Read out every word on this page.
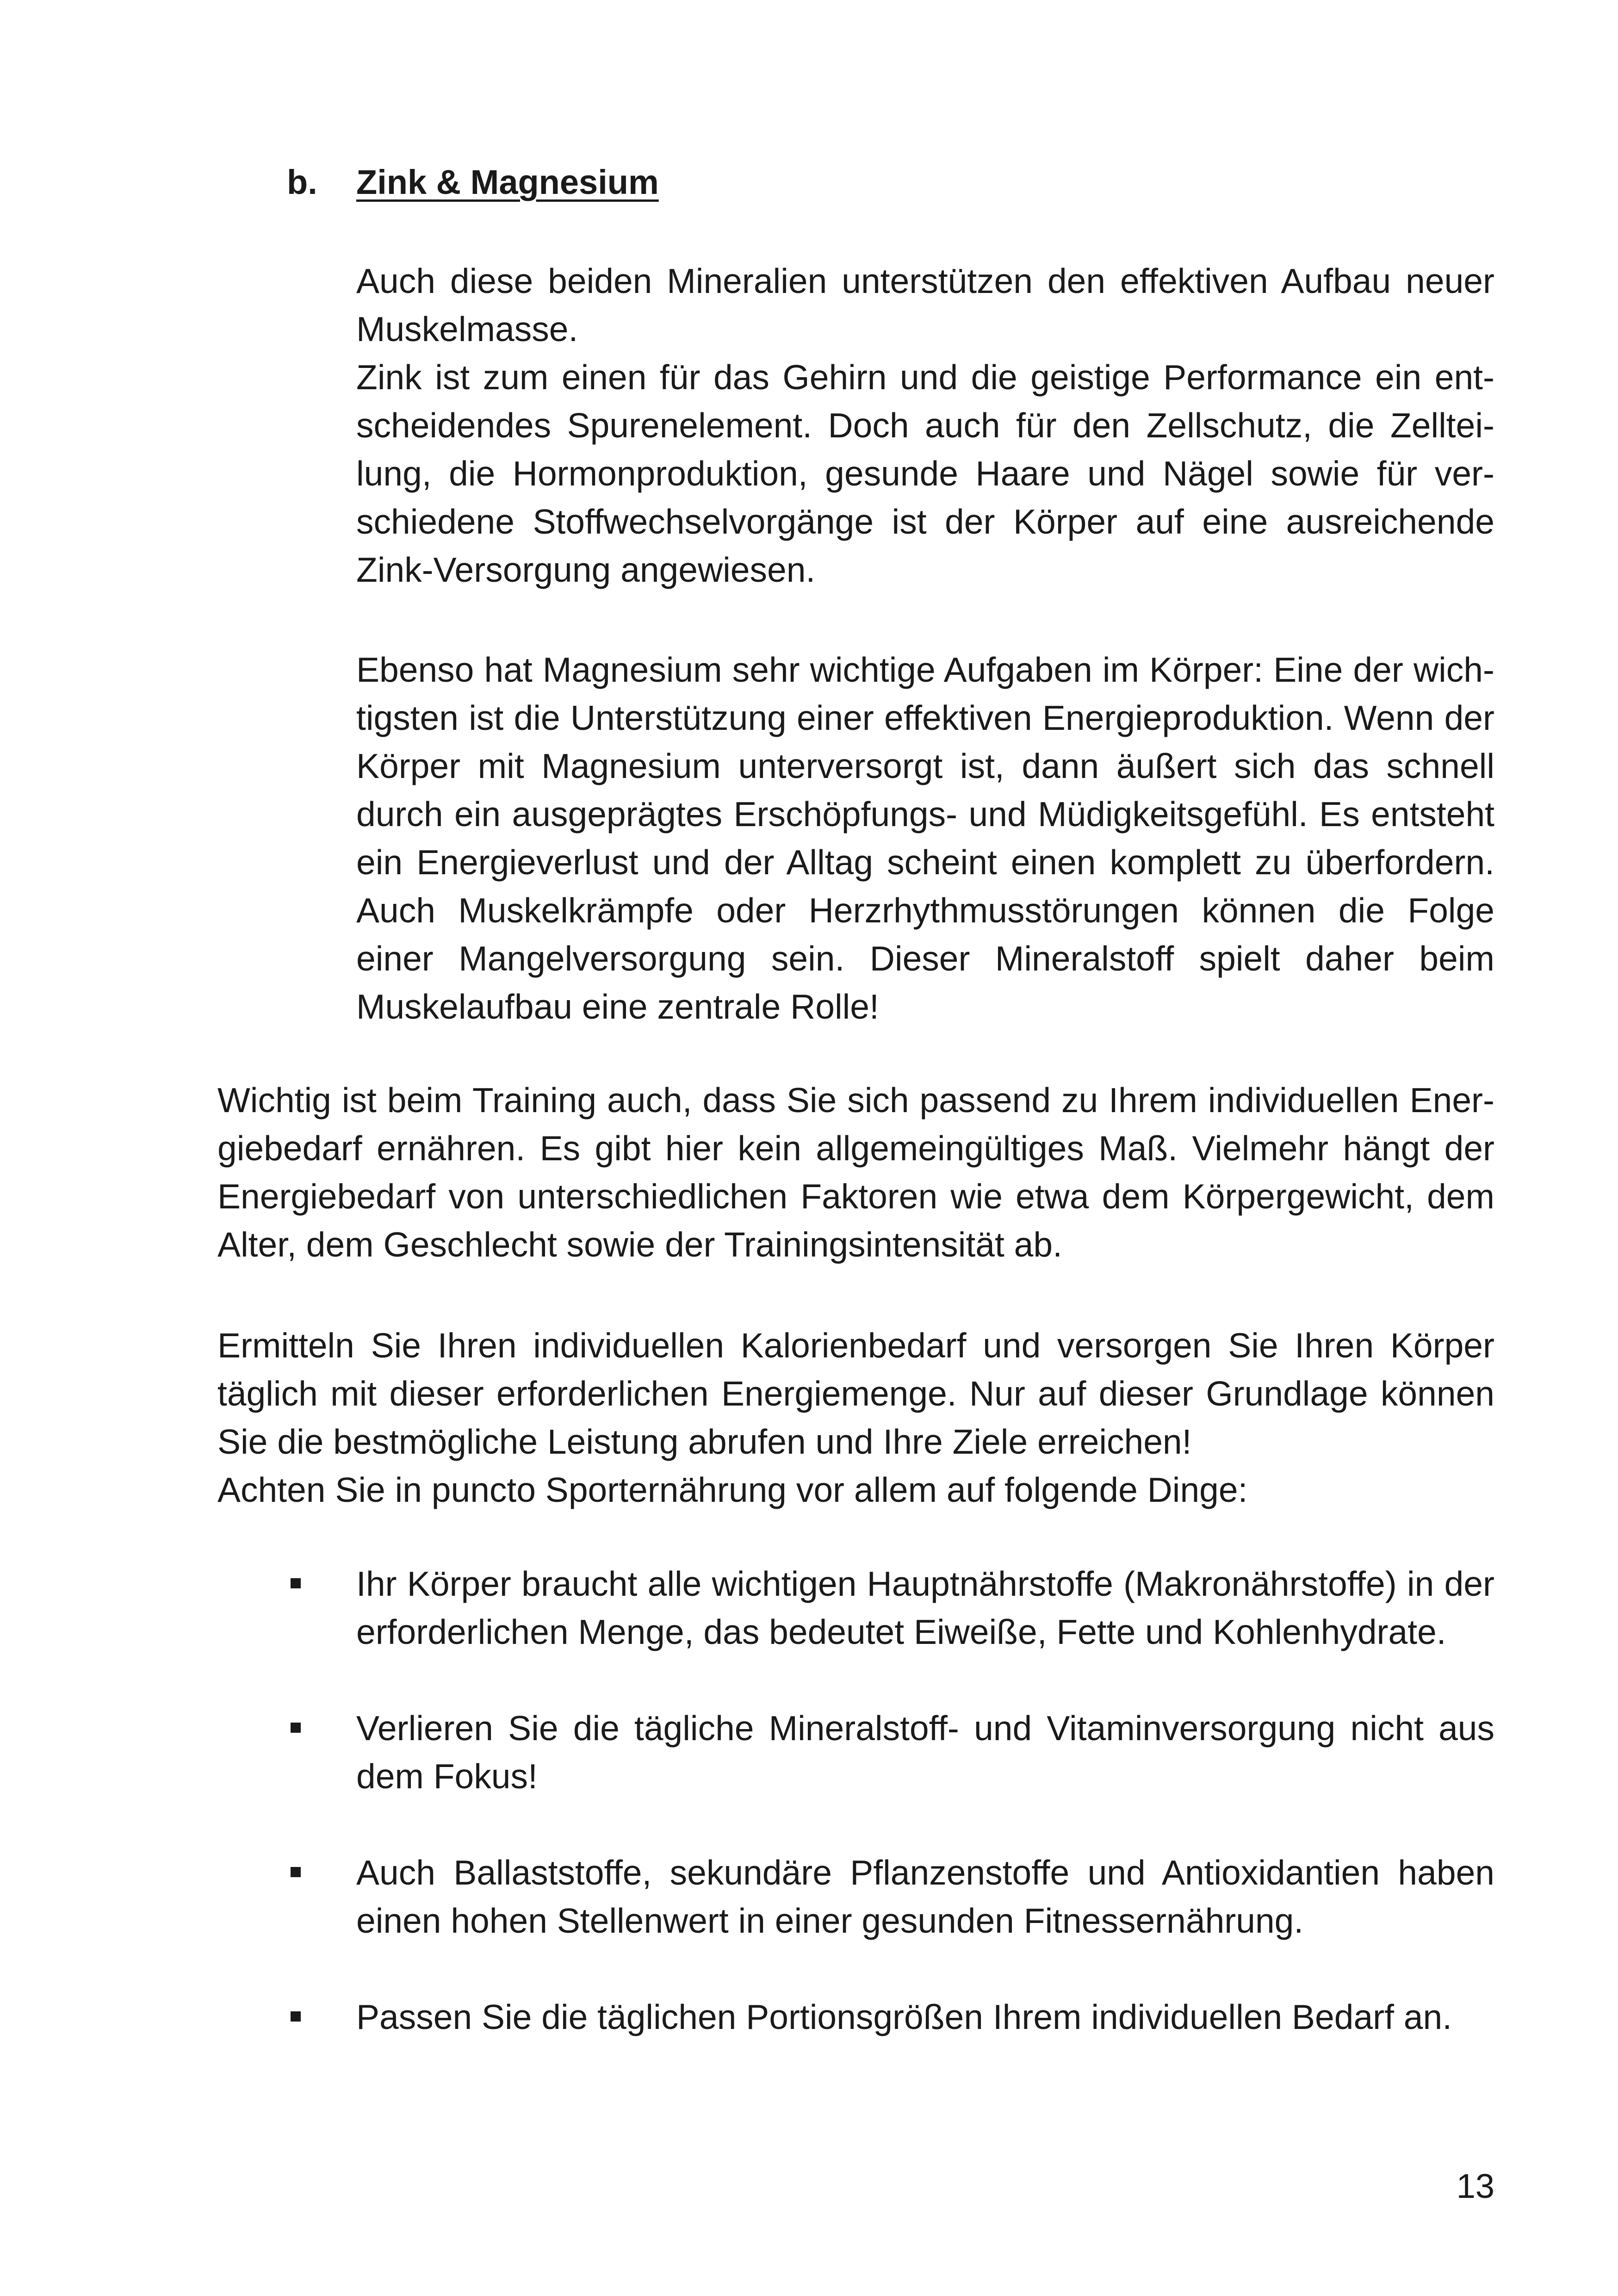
b. Zink & Magnesium
Auch diese beiden Mineralien unterstützen den effektiven Aufbau neuer Muskelmasse.
Zink ist zum einen für das Gehirn und die geistige Performance ein entscheidendes Spurenelement. Doch auch für den Zellschutz, die Zellteilung, die Hormonproduktion, gesunde Haare und Nägel sowie für verschiedene Stoffwechselvorgänge ist der Körper auf eine ausreichende Zink-Versorgung angewiesen.
Ebenso hat Magnesium sehr wichtige Aufgaben im Körper: Eine der wichtigsten ist die Unterstützung einer effektiven Energieproduktion. Wenn der Körper mit Magnesium unterversorgt ist, dann äußert sich das schnell durch ein ausgeprägtes Erschöpfungs- und Müdigkeitsgefühl. Es entsteht ein Energieverlust und der Alltag scheint einen komplett zu überfordern. Auch Muskelkrämpfe oder Herzrhythmusstörungen können die Folge einer Mangelversorgung sein. Dieser Mineralstoff spielt daher beim Muskelaufbau eine zentrale Rolle!
Wichtig ist beim Training auch, dass Sie sich passend zu Ihrem individuellen Energiebedarf ernähren. Es gibt hier kein allgemeingültiges Maß. Vielmehr hängt der Energiebedarf von unterschiedlichen Faktoren wie etwa dem Körpergewicht, dem Alter, dem Geschlecht sowie der Trainingsintensität ab.
Ermitteln Sie Ihren individuellen Kalorienbedarf und versorgen Sie Ihren Körper täglich mit dieser erforderlichen Energiemenge. Nur auf dieser Grundlage können Sie die bestmögliche Leistung abrufen und Ihre Ziele erreichen!
Achten Sie in puncto Sporternährung vor allem auf folgende Dinge:
Ihr Körper braucht alle wichtigen Hauptnährstoffe (Makronährstoffe) in der erforderlichen Menge, das bedeutet Eiweiße, Fette und Kohlenhydrate.
Verlieren Sie die tägliche Mineralstoff- und Vitaminversorgung nicht aus dem Fokus!
Auch Ballaststoffe, sekundäre Pflanzenstoffe und Antioxidantien haben einen hohen Stellenwert in einer gesunden Fitnessernährung.
Passen Sie die täglichen Portionsgrößen Ihrem individuellen Bedarf an.
13
